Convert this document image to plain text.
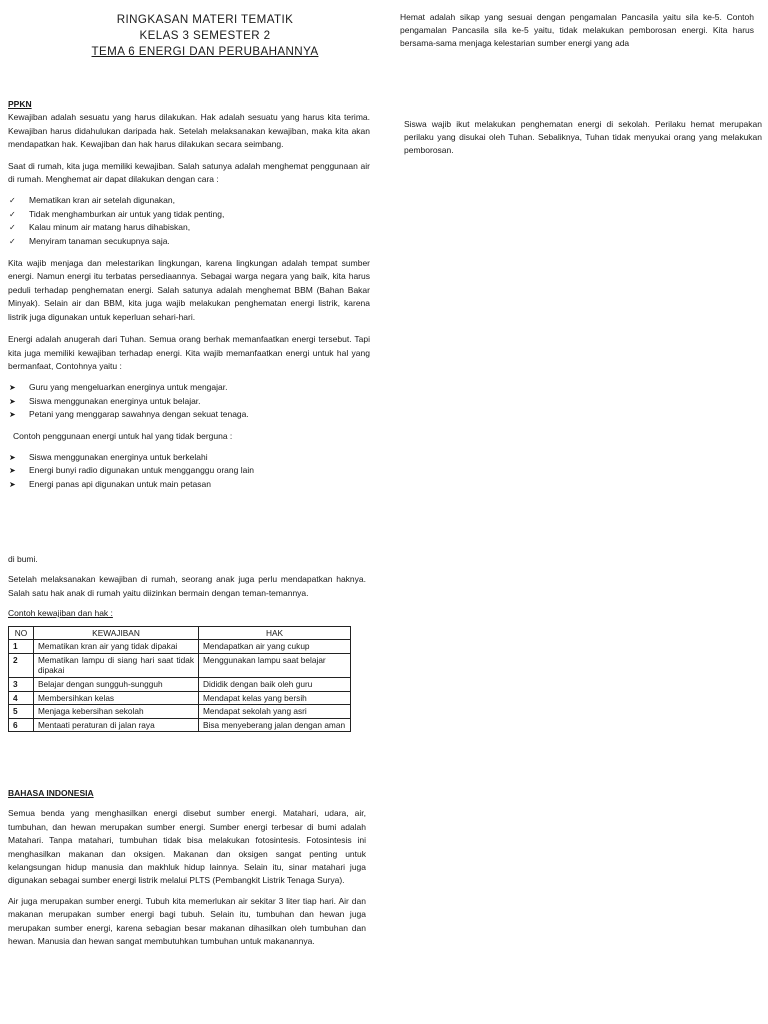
RINGKASAN MATERI TEMATIK
KELAS 3 SEMESTER 2
TEMA 6 ENERGI DAN PERUBAHANNYA
PPKN

Kewajiban adalah sesuatu yang harus dilakukan. Hak adalah sesuatu yang harus kita terima. Kewajiban harus didahulukan daripada hak. Setelah melaksanakan kewajiban, maka kita akan mendapatkan hak. Kewajiban dan hak harus dilakukan secara seimbang.

Saat di rumah, kita juga memiliki kewajiban. Salah satunya adalah menghemat penggunaan air di rumah. Menghemat air dapat dilakukan dengan cara :

✓ Mematikan kran air setelah digunakan,
✓ Tidak menghamburkan air untuk yang tidak penting,
✓ Kalau minum air matang harus dihabiskan,
✓ Menyiram tanaman secukupnya saja.

Kita wajib menjaga dan melestarikan lingkungan, karena lingkungan adalah tempat sumber energi. Namun energi itu terbatas persediaannya. Sebagai warga negara yang baik, kita harus peduli terhadap penghematan energi. Salah satunya adalah menghemat BBM (Bahan Bakar Minyak). Selain air dan BBM, kita juga wajib melakukan penghematan energi listrik, karena listrik juga digunakan untuk keperluan sehari-hari.

Energi adalah anugerah dari Tuhan. Semua orang berhak memanfaatkan energi tersebut. Tapi kita juga memiliki kewajiban terhadap energi. Kita wajib memanfaatkan energi untuk hal yang bermanfaat, Contohnya yaitu :

➤ Guru yang mengeluarkan energinya untuk mengajar.
➤ Siswa menggunakan energinya untuk belajar.
➤ Petani yang menggarap sawahnya dengan sekuat tenaga.

Contoh penggunaan energi untuk hal yang tidak berguna :

➤ Siswa menggunakan energinya untuk berkelahi
➤ Energi bunyi radio digunakan untuk mengganggu orang lain
➤ Energi panas api digunakan untuk main petasan

di bumi.

Setelah melaksanakan kewajiban di rumah, seorang anak juga perlu mendapatkan haknya. Salah satu hak anak di rumah yaitu diizinkan bermain dengan teman-temannya.

Contoh kewajiban dan hak :

NO	KEWAJIBAN	HAK
1	Mematikan kran air yang tidak dipakai	Mendapatkan air yang cukup
2	Mematikan lampu di siang hari saat tidak dipakai	Menggunakan lampu saat belajar
3	Belajar dengan sungguh-sungguh	Dididik dengan baik oleh guru
4	Membersihkan kelas	Mendapat kelas yang bersih
5	Menjaga kebersihan sekolah	Mendapat sekolah yang asri
6	Mentaati peraturan di jalan raya	Bisa menyeberang jalan dengan aman
BAHASA INDONESIA

Semua benda yang menghasilkan energi disebut sumber energi. Matahari, udara, air, tumbuhan, dan hewan merupakan sumber energi. Sumber energi terbesar di bumi adalah Matahari. Tanpa matahari, tumbuhan tidak bisa melakukan fotosintesis. Fotosintesis ini menghasilkan makanan dan oksigen. Makanan dan oksigen sangat penting untuk kelangsungan hidup manusia dan makhluk hidup lainnya. Selain itu, sinar matahari juga digunakan sebagai sumber energi listrik melalui PLTS (Pembangkit Listrik Tenaga Surya).

Air juga merupakan sumber energi. Tubuh kita memerlukan air sekitar 3 liter tiap hari. Air dan makanan merupakan sumber energi bagi tubuh. Selain itu, tumbuhan dan hewan juga merupakan sumber energi, karena sebagian besar makanan dihasilkan oleh tumbuhan dan hewan. Manusia dan hewan sangat membutuhkan tumbuhan untuk makanannya.

Hemat adalah sikap yang sesuai dengan pengamalan Pancasila yaitu sila ke-5. Contoh pengamalan Pancasila sila ke-5 yaitu, tidak melakukan pemborosan energi. Kita harus bersama-sama menjaga kelestarian sumber energi yang ada
Siswa wajib ikut melakukan penghematan energi di sekolah. Perilaku hemat merupakan perilaku yang disukai oleh Tuhan. Sebaliknya, Tuhan tidak menyukai orang yang melakukan pemborosan.
